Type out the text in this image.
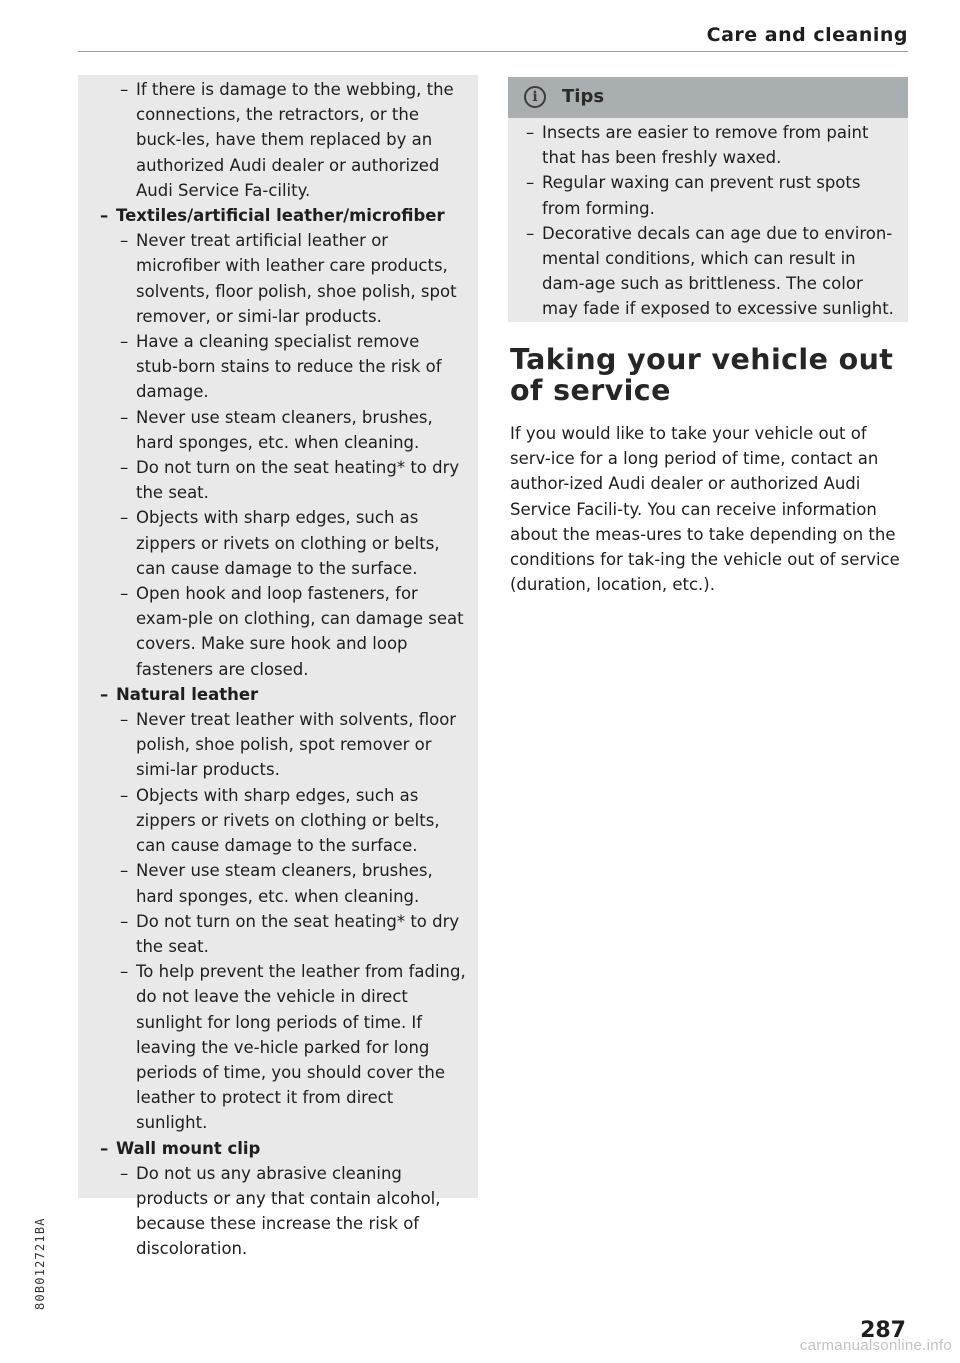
Care and cleaning

– If there is damage to the webbing, the connections, the retractors, or the buck-les, have them replaced by an authorized Audi dealer or authorized Audi Service Fa-cility.

– Textiles/artificial leather/microfiber

– Never treat artificial leather or microfiber with leather care products, solvents, floor polish, shoe polish, spot remover, or simi-lar products.

– Have a cleaning specialist remove stub-born stains to reduce the risk of damage.

– Never use steam cleaners, brushes, hard sponges, etc. when cleaning.

– Do not turn on the seat heating* to dry the seat.

– Objects with sharp edges, such as zippers or rivets on clothing or belts, can cause damage to the surface.

– Open hook and loop fasteners, for exam-ple on clothing, can damage seat covers. Make sure hook and loop fasteners are closed.

– Natural leather

– Never treat leather with solvents, floor polish, shoe polish, spot remover or simi-lar products.

– Objects with sharp edges, such as zippers or rivets on clothing or belts, can cause damage to the surface.

– Never use steam cleaners, brushes, hard sponges, etc. when cleaning.

– Do not turn on the seat heating* to dry the seat.

– To help prevent the leather from fading, do not leave the vehicle in direct sunlight for long periods of time. If leaving the ve-hicle parked for long periods of time, you should cover the leather to protect it from direct sunlight.

– Wall mount clip

– Do not us any abrasive cleaning products or any that contain alcohol, because these increase the risk of discoloration.

i	Tips

– Insects are easier to remove from paint that has been freshly waxed.

– Regular waxing can prevent rust spots from forming.

– Decorative decals can age due to environ-mental conditions, which can result in dam-age such as brittleness. The color may fade if exposed to excessive sunlight.

Taking your vehicle out of service

If you would like to take your vehicle out of serv-ice for a long period of time, contact an author-ized Audi dealer or authorized Audi Service Facili-ty. You can receive information about the meas-ures to take depending on the conditions for tak-ing the vehicle out of service (duration, location, etc.).

80B012721BA
287
carmanualsonline.info
